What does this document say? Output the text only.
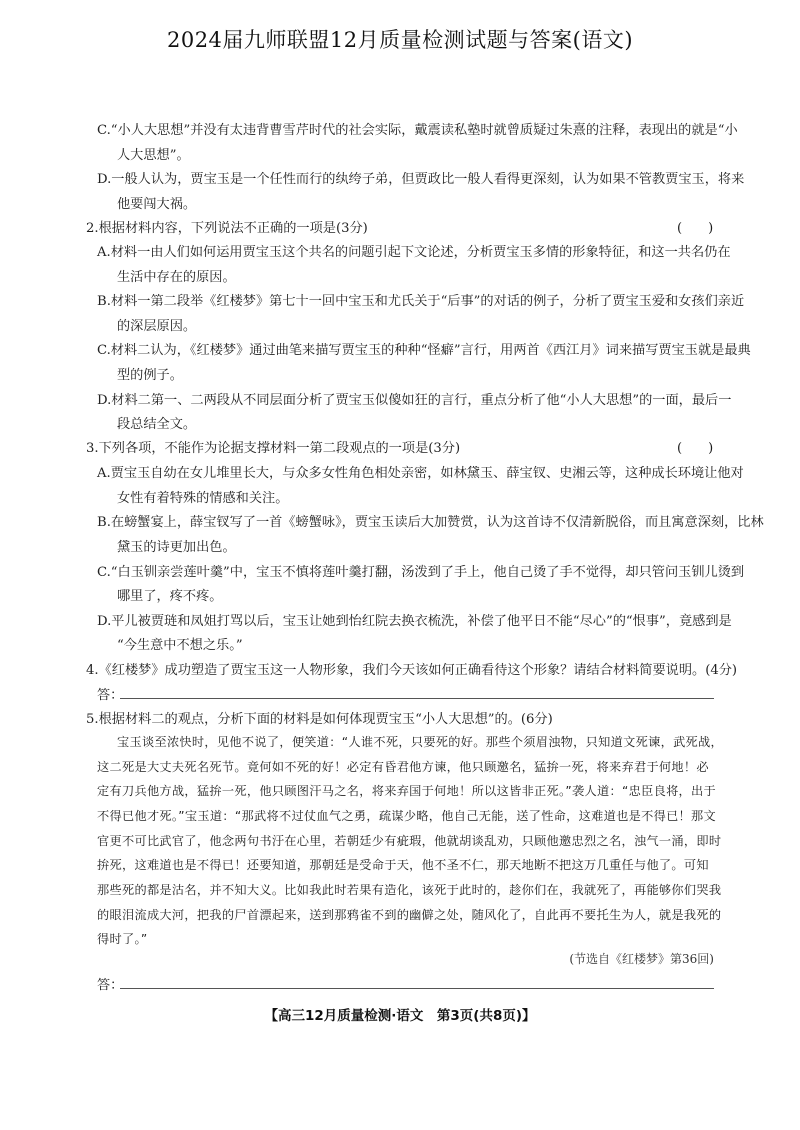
2024届九师联盟12月质量检测试题与答案(语文)
C.“小人大思想”并没有太违背曹雪芹时代的社会实际，戴震读私塾时就曾质疑过朱熹的注释，表现出的就是“小
人大思想”。
D.一般人认为，贾宝玉是一个任性而行的纨绔子弟，但贾政比一般人看得更深刻，认为如果不管教贾宝玉，将来
他要闯大祸。
2.根据材料内容，下列说法不正确的一项是(3分)	(　　)
A.材料一由人们如何运用贾宝玉这个共名的问题引起下文论述，分析贾宝玉多情的形象特征，和这一共名仍在
生活中存在的原因。
B.材料一第二段举《红楼梦》第七十一回中宝玉和尤氏关于“后事”的对话的例子，分析了贾宝玉爱和女孩们亲近
的深层原因。
C.材料二认为，《红楼梦》通过曲笔来描写贾宝玉的种种“怪癖”言行，用两首《西江月》词来描写贾宝玉就是最典
型的例子。
D.材料二第一、二两段从不同层面分析了贾宝玉似傻如狂的言行，重点分析了他“小人大思想”的一面，最后一
段总结全文。
3.下列各项，不能作为论据支撑材料一第二段观点的一项是(3分)	(　　)
A.贾宝玉自幼在女儿堆里长大，与众多女性角色相处亲密，如林黛玉、薛宝钗、史湘云等，这种成长环境让他对
女性有着特殊的情感和关注。
B.在螃蟹宴上，薛宝钗写了一首《螃蟹咏》，贾宝玉读后大加赞赏，认为这首诗不仅清新脱俗，而且寓意深刻，比林
黛玉的诗更加出色。
C.“白玉钏亲尝莲叶羹”中，宝玉不慎将莲叶羹打翻，汤泼到了手上，他自己烫了手不觉得，却只管问玉钏儿烫到
哪里了，疼不疼。
D.平儿被贾琏和凤姐打骂以后，宝玉让她到怡红院去换衣梳洗，补偿了他平日不能“尽心”的“恨事”，竟感到是
“今生意中不想之乐。”
4.《红楼梦》成功塑造了贾宝玉这一人物形象，我们今天该如何正确看待这个形象？请结合材料简要说明。(4分)
答：
5.根据材料二的观点，分析下面的材料是如何体现贾宝玉“小人大思想”的。(6分)
宝玉谈至浓快时，见他不说了，便笑道：“人谁不死，只要死的好。那些个须眉浊物，只知道文死谏，武死战，
这二死是大丈夫死名死节。竟何如不死的好！必定有昏君他方谏，他只顾邀名，猛拚一死，将来弃君于何地！必
定有刀兵他方战，猛拚一死，他只顾图汗马之名，将来弃国于何地！所以这皆非正死。”袭人道：“忠臣良将，出于
不得已他才死。”宝玉道：“那武将不过仗血气之勇，疏谋少略，他自己无能，送了性命，这难道也是不得已！那文
官更不可比武官了，他念两句书汙在心里，若朝廷少有疵瑕，他就胡谈乱劝，只顾他邀忠烈之名，浊气一涌，即时
拚死，这难道也是不得已！还要知道，那朝廷是受命于天，他不圣不仁，那天地断不把这万几重任与他了。可知
那些死的都是沽名，并不知大义。比如我此时若果有造化，该死于此时的，趁你们在，我就死了，再能够你们哭我
的眼泪流成大河，把我的尸首漂起来，送到那鸦雀不到的幽僻之处，随风化了，自此再不要托生为人，就是我死的
得时了。”
(节选自《红楼梦》第36回)
答：
【高三12月质量检测·语文　第3页(共8页)】
